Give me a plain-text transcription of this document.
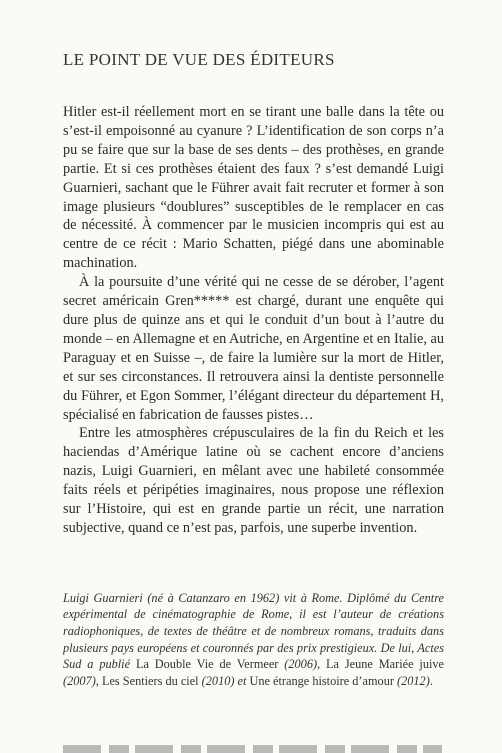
LE POINT DE VUE DES ÉDITEURS

Hitler est-il réellement mort en se tirant une balle dans la tête ou s’est-il empoisonné au cyanure ? L’identification de son corps n’a pu se faire que sur la base de ses dents – des prothèses, en grande partie. Et si ces prothèses étaient des faux ? s’est demandé Luigi Guarnieri, sachant que le Führer avait fait recruter et former à son image plusieurs “doublures” susceptibles de le remplacer en cas de nécessité. À commencer par le musicien incompris qui est au centre de ce récit : Mario Schatten, piégé dans une abominable machination.

À la poursuite d’une vérité qui ne cesse de se dérober, l’agent secret américain Gren***** est chargé, durant une enquête qui dure plus de quinze ans et qui le conduit d’un bout à l’autre du monde – en Allemagne et en Autriche, en Argentine et en Italie, au Paraguay et en Suisse –, de faire la lumière sur la mort de Hitler, et sur ses circonstances. Il retrouvera ainsi la dentiste personnelle du Führer, et Egon Sommer, l’élégant directeur du département H, spécialisé en fabrication de fausses pistes…

Entre les atmosphères crépusculaires de la fin du Reich et les haciendas d’Amérique latine où se cachent encore d’anciens nazis, Luigi Guarnieri, en mêlant avec une habileté consommée faits réels et péripéties imaginaires, nous propose une réflexion sur l’Histoire, qui est en grande partie un récit, une narration subjective, quand ce n’est pas, parfois, une superbe invention.

Luigi Guarnieri (né à Catanzaro en 1962) vit à Rome. Diplômé du Centre expérimental de cinématographie de Rome, il est l’auteur de créations radiophoniques, de textes de théâtre et de nombreux romans, traduits dans plusieurs pays européens et couronnés par des prix prestigieux. De lui, Actes Sud a publié La Double Vie de Vermeer (2006), La Jeune Mariée juive (2007), Les Sentiers du ciel (2010) et Une étrange histoire d’amour (2012).
